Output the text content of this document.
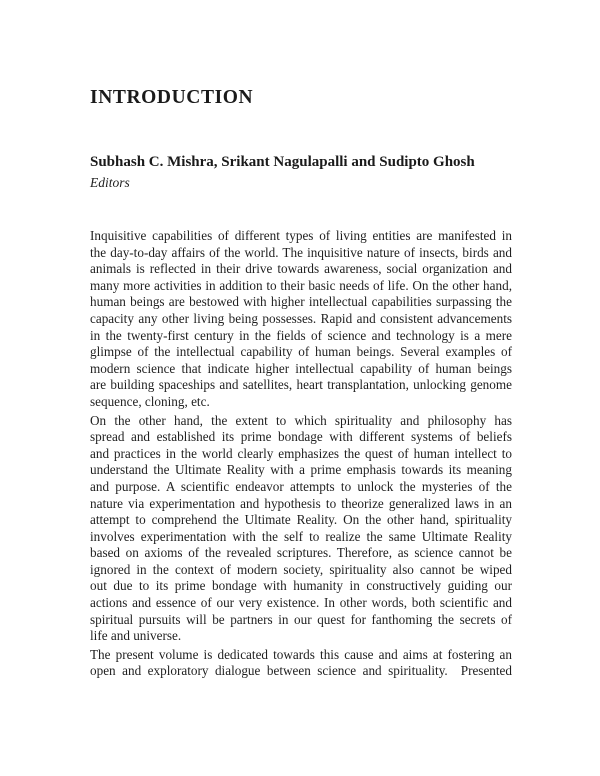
INTRODUCTION
Subhash C. Mishra, Srikant Nagulapalli and Sudipto Ghosh
Editors
Inquisitive capabilities of different types of living entities are manifested in
the day-to-day affairs of the world. The inquisitive nature of insects, birds and
animals is reflected in their drive towards awareness, social organization and
many more activities in addition to their basic needs of life. On the other hand,
human beings are bestowed with higher intellectual capabilities surpassing the
capacity any other living being possesses. Rapid and consistent advancements
in the twenty-first century in the fields of science and technology is a mere
glimpse of the intellectual capability of human beings. Several examples of
modern science that indicate higher intellectual capability of human beings
are building spaceships and satellites, heart transplantation, unlocking genome
sequence, cloning, etc.
On the other hand, the extent to which spirituality and philosophy has
spread and established its prime bondage with different systems of beliefs
and practices in the world clearly emphasizes the quest of human intellect to
understand the Ultimate Reality with a prime emphasis towards its meaning
and purpose. A scientific endeavor attempts to unlock the mysteries of the
nature via experimentation and hypothesis to theorize generalized laws in an
attempt to comprehend the Ultimate Reality. On the other hand, spirituality
involves experimentation with the self to realize the same Ultimate Reality
based on axioms of the revealed scriptures. Therefore, as science cannot be
ignored in the context of modern society, spirituality also cannot be wiped
out due to its prime bondage with humanity in constructively guiding our
actions and essence of our very existence. In other words, both scientific and
spiritual pursuits will be partners in our quest for fanthoming the secrets of
life and universe.
The present volume is dedicated towards this cause and aims at fostering an
open and exploratory dialogue between science and spirituality.  Presented
